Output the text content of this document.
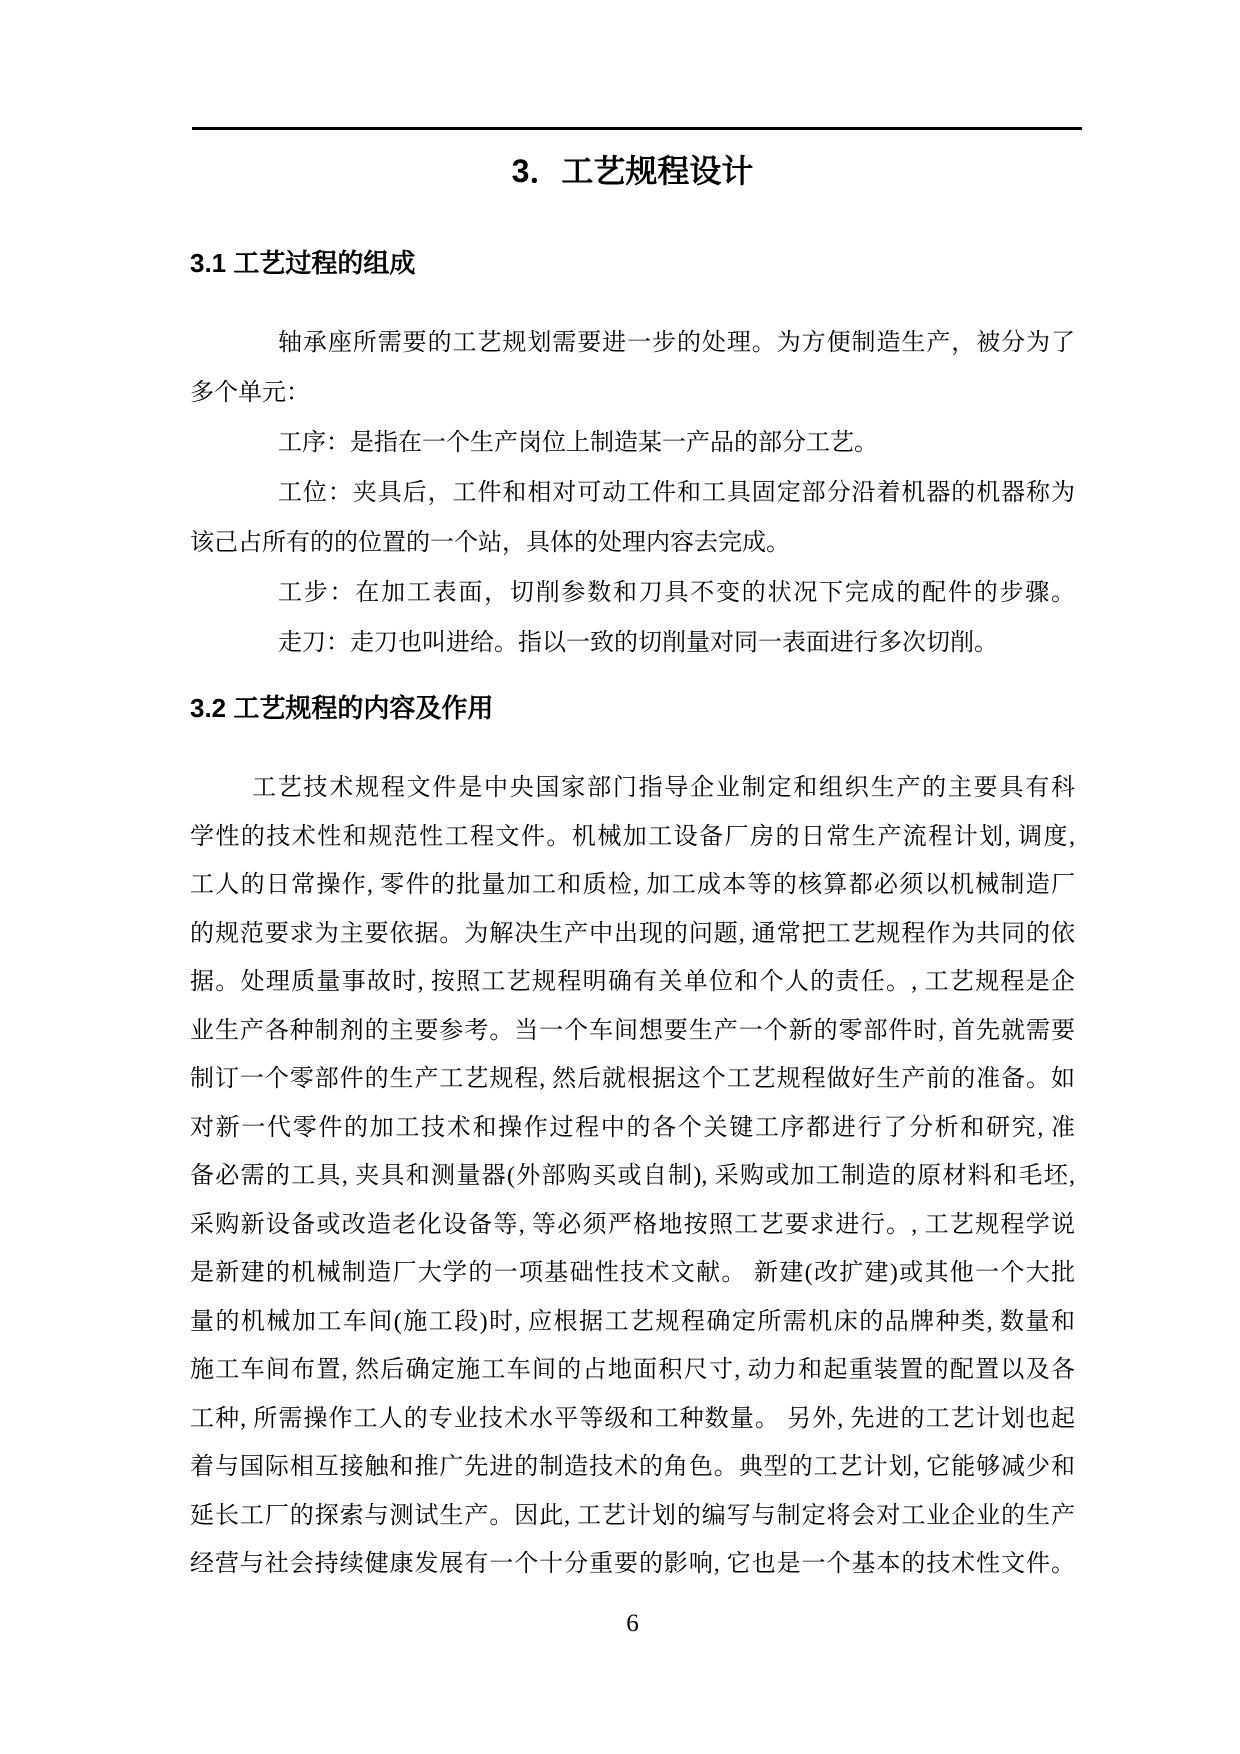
3．工艺规程设计
3.1 工艺过程的组成
轴承座所需要的工艺规划需要进一步的处理。为方便制造生产，被分为了
多个单元：
工序：是指在一个生产岗位上制造某一产品的部分工艺。
工位：夹具后，工件和相对可动工件和工具固定部分沿着机器的机器称为
该己占所有的的位置的一个站，具体的处理内容去完成。
工步：在加工表面，切削参数和刀具不变的状况下完成的配件的步骤。
走刀：走刀也叫进给。指以一致的切削量对同一表面进行多次切削。
3.2 工艺规程的内容及作用
工艺技术规程文件是中央国家部门指导企业制定和组织生产的主要具有科
学性的技术性和规范性工程文件。机械加工设备厂房的日常生产流程计划, 调度,
工人的日常操作, 零件的批量加工和质检, 加工成本等的核算都必须以机械制造厂
的规范要求为主要依据。为解决生产中出现的问题, 通常把工艺规程作为共同的依
据。处理质量事故时, 按照工艺规程明确有关单位和个人的责任。, 工艺规程是企
业生产各种制剂的主要参考。当一个车间想要生产一个新的零部件时, 首先就需要
制订一个零部件的生产工艺规程, 然后就根据这个工艺规程做好生产前的准备。如
对新一代零件的加工技术和操作过程中的各个关键工序都进行了分析和研究, 准
备必需的工具, 夹具和测量器(外部购买或自制), 采购或加工制造的原材料和毛坯,
采购新设备或改造老化设备等, 等必须严格地按照工艺要求进行。, 工艺规程学说
是新建的机械制造厂大学的一项基础性技术文献。 新建(改扩建)或其他一个大批
量的机械加工车间(施工段)时, 应根据工艺规程确定所需机床的品牌种类, 数量和
施工车间布置, 然后确定施工车间的占地面积尺寸, 动力和起重装置的配置以及各
工种, 所需操作工人的专业技术水平等级和工种数量。 另外, 先进的工艺计划也起
着与国际相互接触和推广先进的制造技术的角色。典型的工艺计划, 它能够减少和
延长工厂的探索与测试生产。因此, 工艺计划的编写与制定将会对工业企业的生产
经营与社会持续健康发展有一个十分重要的影响, 它也是一个基本的技术性文件。
6
